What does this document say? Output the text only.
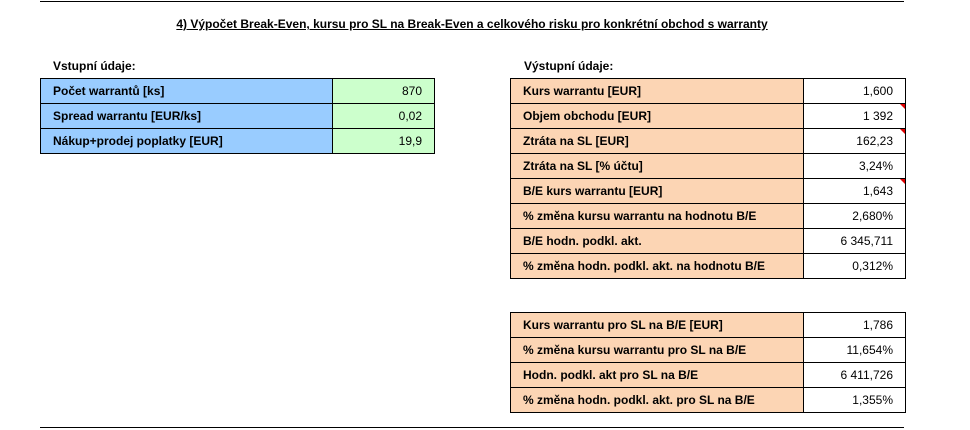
4) Výpočet Break-Even, kursu pro SL na Break-Even a celkového risku pro konkrétní obchod s warranty
Vstupní údaje:	Výstupní údaje:
Počet warrantů [ks]	870
Spread warrantu [EUR/ks]	0,02
Nákup+prodej poplatky [EUR]	19,9
Kurs warrantu [EUR]	1,600
Objem obchodu [EUR]	1 392
Ztráta na SL [EUR]	162,23
Ztráta na SL [% účtu]	3,24%
B/E kurs warrantu [EUR]	1,643
% změna kursu warrantu na hodnotu B/E	2,680%
B/E hodn. podkl. akt.	6 345,711
% změna hodn. podkl. akt. na hodnotu B/E	0,312%
Kurs warrantu pro SL na B/E [EUR]	1,786
% změna kursu warrantu pro SL na B/E	11,654%
Hodn. podkl. akt pro SL na B/E	6 411,726
% změna hodn. podkl. akt. pro SL na B/E	1,355%
